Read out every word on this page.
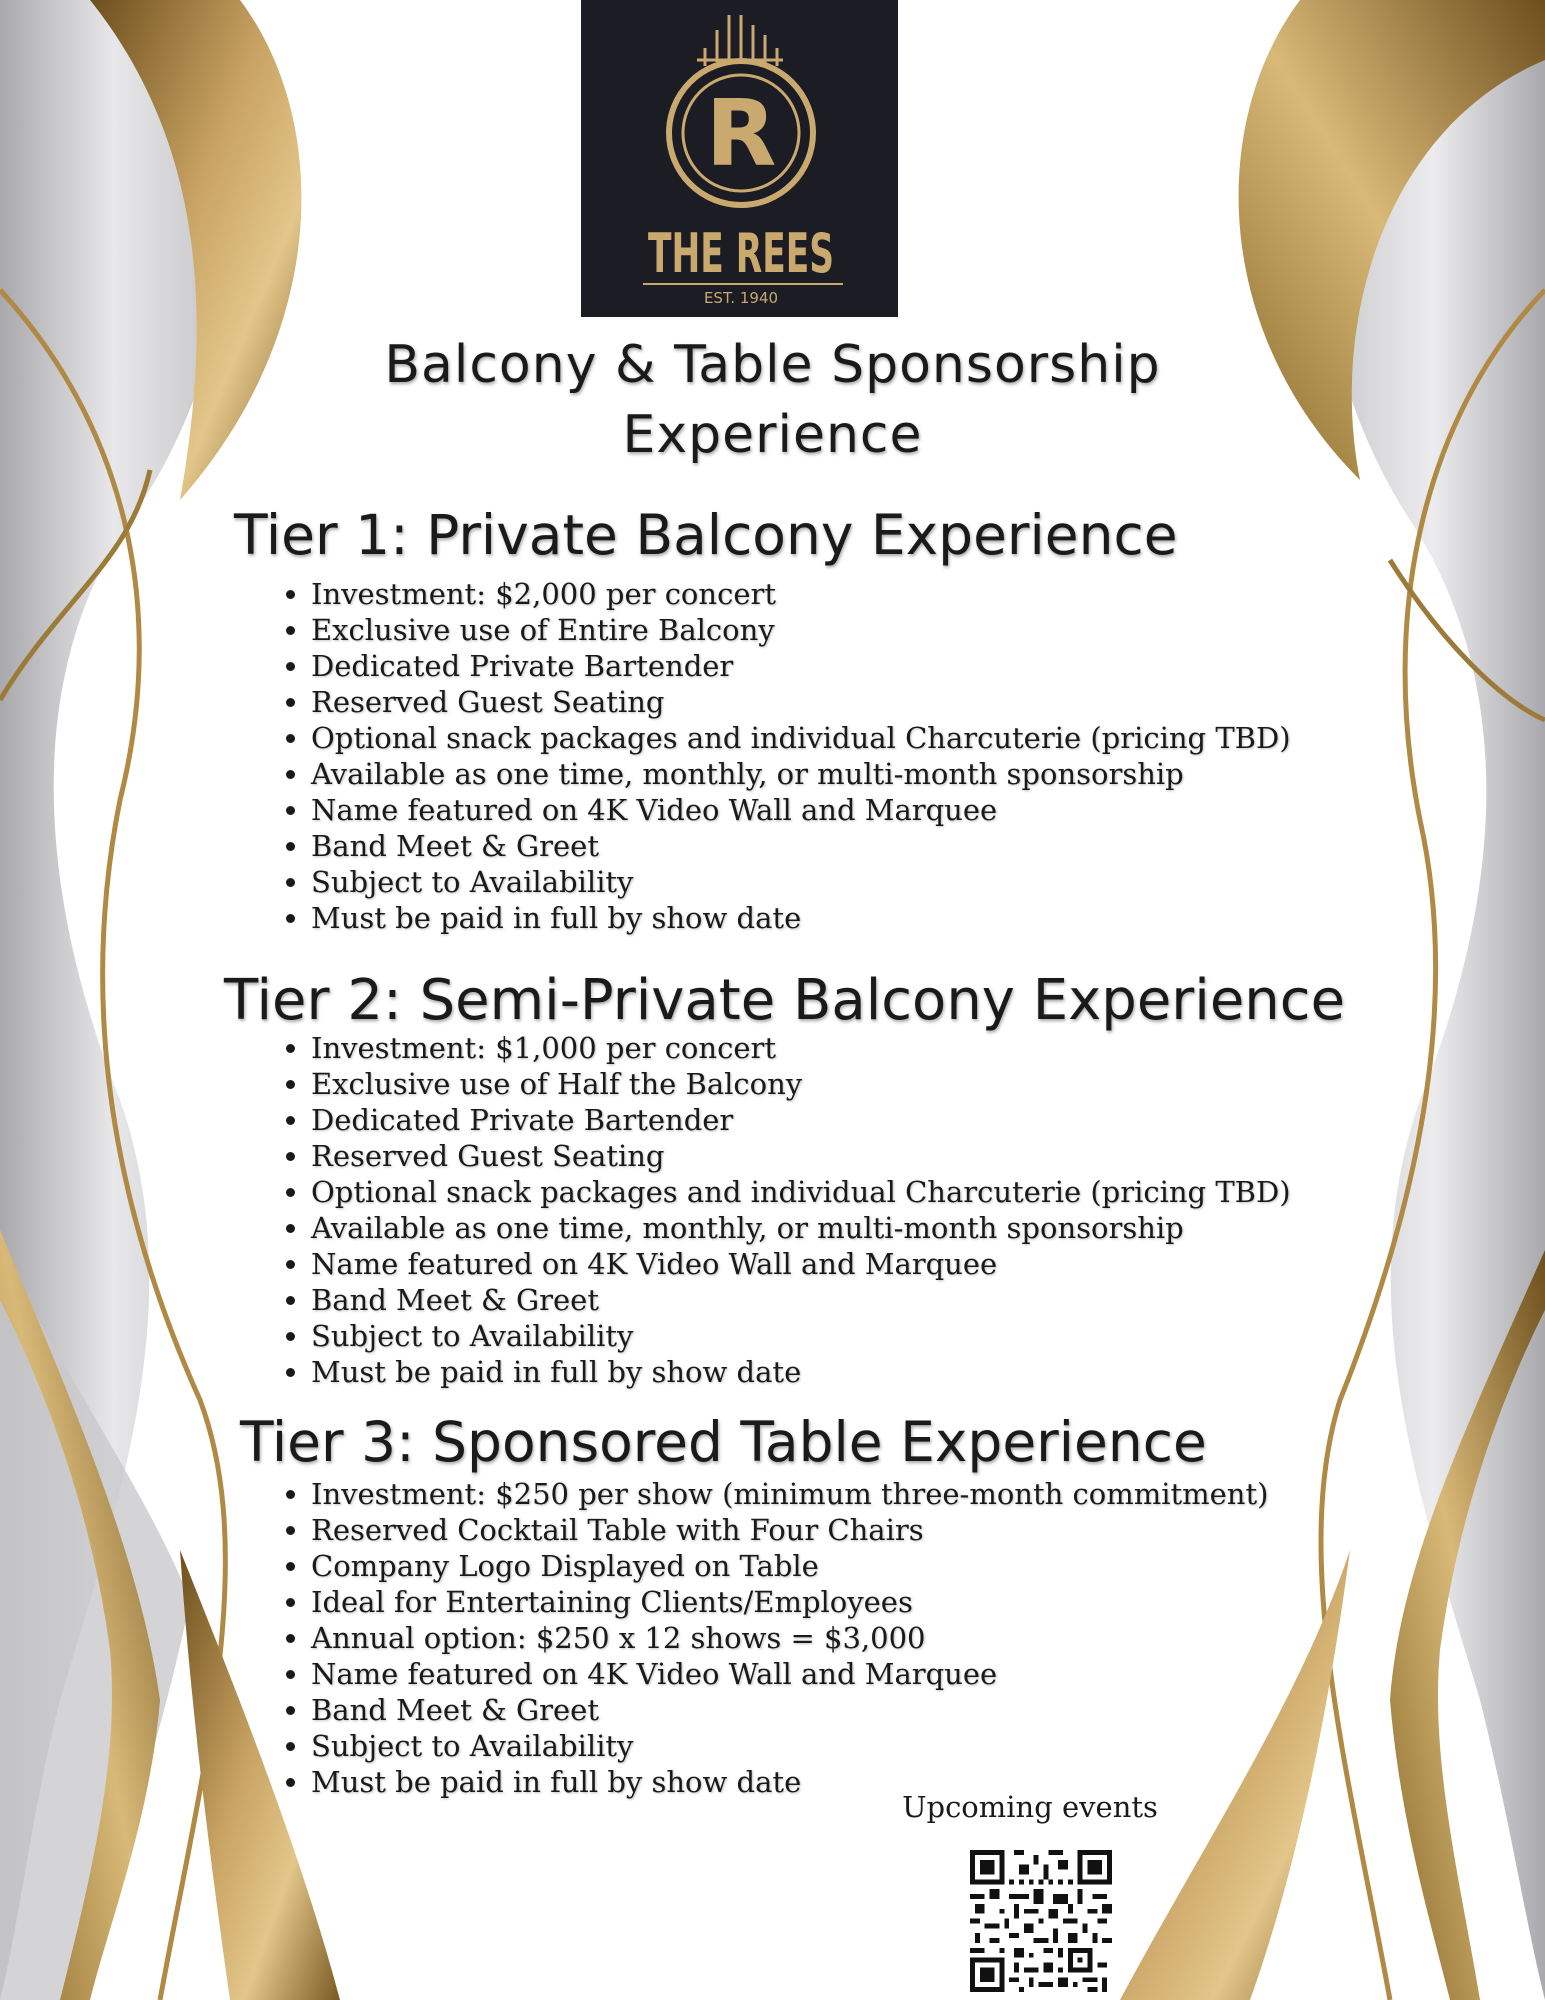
R
THE REES
EST. 1940
Balcony & Table Sponsorship Experience
Tier 1: Private Balcony Experience
• Investment: $2,000 per concert
• Exclusive use of Entire Balcony
• Dedicated Private Bartender
• Reserved Guest Seating
• Optional snack packages and individual Charcuterie (pricing TBD)
• Available as one time, monthly, or multi-month sponsorship
• Name featured on 4K Video Wall and Marquee
• Band Meet & Greet
• Subject to Availability
• Must be paid in full by show date
Tier 2: Semi-Private Balcony Experience
• Investment: $1,000 per concert
• Exclusive use of Half the Balcony
• Dedicated Private Bartender
• Reserved Guest Seating
• Optional snack packages and individual Charcuterie (pricing TBD)
• Available as one time, monthly, or multi-month sponsorship
• Name featured on 4K Video Wall and Marquee
• Band Meet & Greet
• Subject to Availability
• Must be paid in full by show date
Tier 3: Sponsored Table Experience
• Investment: $250 per show (minimum three-month commitment)
• Reserved Cocktail Table with Four Chairs
• Company Logo Displayed on Table
• Ideal for Entertaining Clients/Employees
• Annual option: $250 x 12 shows = $3,000
• Name featured on 4K Video Wall and Marquee
• Band Meet & Greet
• Subject to Availability
• Must be paid in full by show date

Upcoming events
